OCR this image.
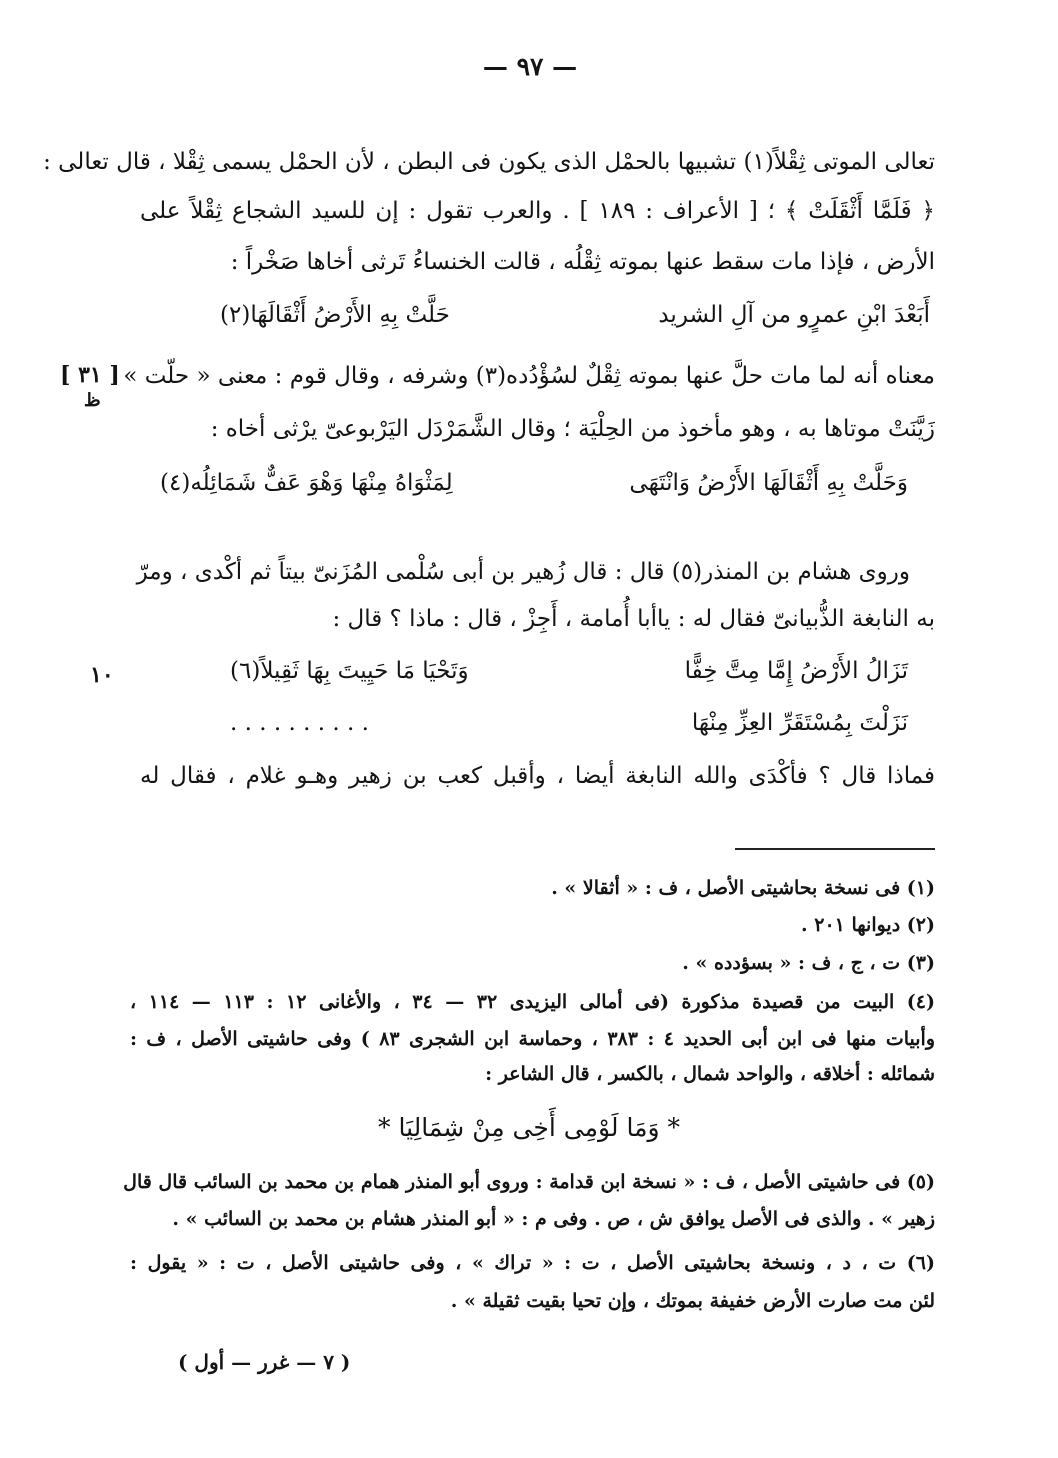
— ٩٧ —
تعالى الموتى ثِقْلاً(١) تشبيها بالحمْل الذى يكون فى البطن ، لأن الحمْل يسمى ثِقْلا ، قال تعالى :
﴿ فَلَمَّا أَثْقَلَتْ ﴾ ؛ [ الأعراف : ١٨٩ ] . والعرب تقول : إن للسيد الشجاع ثِقْلاً على
الأرض ، فإذا مات سقط عنها بموته ثِقْلُه ، قالت الخنساءُ تَرثى أخاها صَخْراً :
أَبَعْدَ ابْنِ عمرٍو من آلِ الشريد
حَلَّتْ بِهِ الأَرْضُ أَثْقَالَهَا(٢)
معناه أنه لما مات حلَّ عنها بموته ثِقْلٌ لسُؤْدُده(٣) وشرفه ، وقال قوم : معنى « حلّت »
زَيَّنَتْ موتاها به ، وهو مأخوذ من الحِلْيَة ؛ وقال الشَّمَرْدَل اليَرْبوعىّ يرْثى أخاه :
وَحَلَّتْ بِهِ أَثْقَالَهَا الأَرْضُ وَانْتَهَى
لِمَثْوَاهُ مِنْهَا وَهْوَ عَفٌّ شَمَائِلُه(٤)
وروى هشام بن المنذر(٥) قال : قال زُهير بن أبى سُلْمى المُزَنىّ بيتاً ثم أكْدى ، ومرّ
به النابغة الذُّبيانىّ فقال له : ياأبا أُمامة ، أَجِزْ ، قال : ماذا ؟ قال :
تَزَالُ الأَرْضُ إِمَّا مِتَّ خِفًّا
وَتَحْيَا مَا حَيِيتَ بِهَا ثَقِيلاً(٦)
نَزَلْتَ بِمُسْتَقَرِّ العِزِّ مِنْهَا
. . . . . . . . . .
فماذا قال ؟ فأكْدَى والله النابغة أيضا ، وأقبل كعب بن زهير وهـو غلام ، فقال له
[ ٣١ ]
ظ
١٠
(١) فى نسخة بحاشيتى الأصل ، ف : « أثقالا » .
(٢) ديوانها ٢٠١ .
(٣) ت ، ج ، ف : « بسؤدده » .
(٤) البيت من قصيدة مذكورة (فى أمالى اليزيدى ٣٢ — ٣٤ ، والأغانى ١٢ : ١١٣ — ١١٤ ،
وأبيات منها فى ابن أبى الحديد ٤ : ٣٨٣ ، وحماسة ابن الشجرى ٨٣ ) وفى حاشيتى الأصل ، ف :
شمائله : أخلاقه ، والواحد شمال ، بالكسر ، قال الشاعر :
* وَمَا لَوْمِى أَخِى مِنْ شِمَالِيَا *
(٥) فى حاشيتى الأصل ، ف : « نسخة ابن قدامة : وروى أبو المنذر همام بن محمد بن السائب قال قال
زهير » . والذى فى الأصل يوافق ش ، ص . وفى م : « أبو المنذر هشام بن محمد بن السائب » .
(٦) ت ، د ، ونسخة بحاشيتى الأصل ، ت : « تراك » ، وفى حاشيتى الأصل ، ت : « يقول :
لئن مت صارت الأرض خفيفة بموتك ، وإن تحيا بقيت ثقيلة » .
( ٧ — غرر — أول )
